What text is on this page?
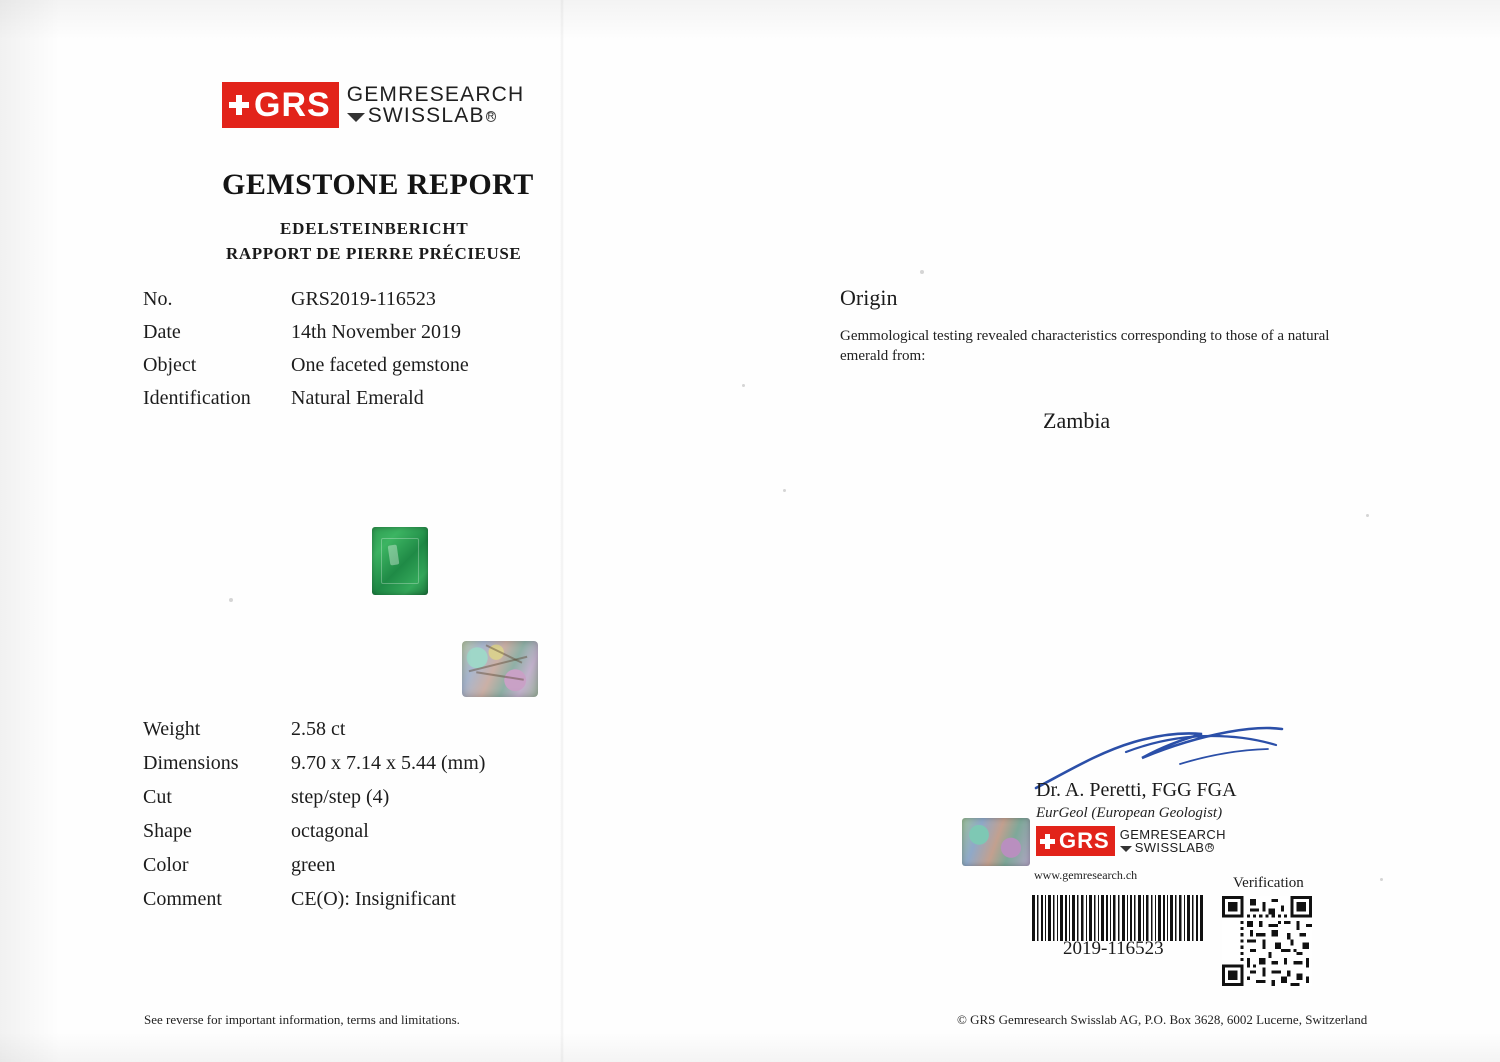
GRS GEMRESEARCH
SWISSLAB R
GEMSTONE REPORT
EDELSTEINBERICHT
RAPPORT DE PIERRE PRÉCIEUSE
No.	GRS2019-116523
Date	14th November 2019
Object	One faceted gemstone
Identification	Natural Emerald
Origin
Gemmological testing revealed characteristics corresponding to those of a natural emerald from:
Zambia
Weight	2.58 ct
Dimensions	9.70 x 7.14 x 5.44 (mm)
Cut	step/step (4)
Shape	octagonal
Color	green
Comment	CE(O): Insignificant
Dr. A. Peretti, FGG FGA
EurGeol (European Geologist)
GRS GEMRESEARCH
SWISSLAB R
www.gemresearch.ch	Verification
2019-116523
See reverse for important information, terms and limitations.	© GRS Gemresearch Swisslab AG, P.O. Box 3628, 6002 Lucerne, Switzerland
